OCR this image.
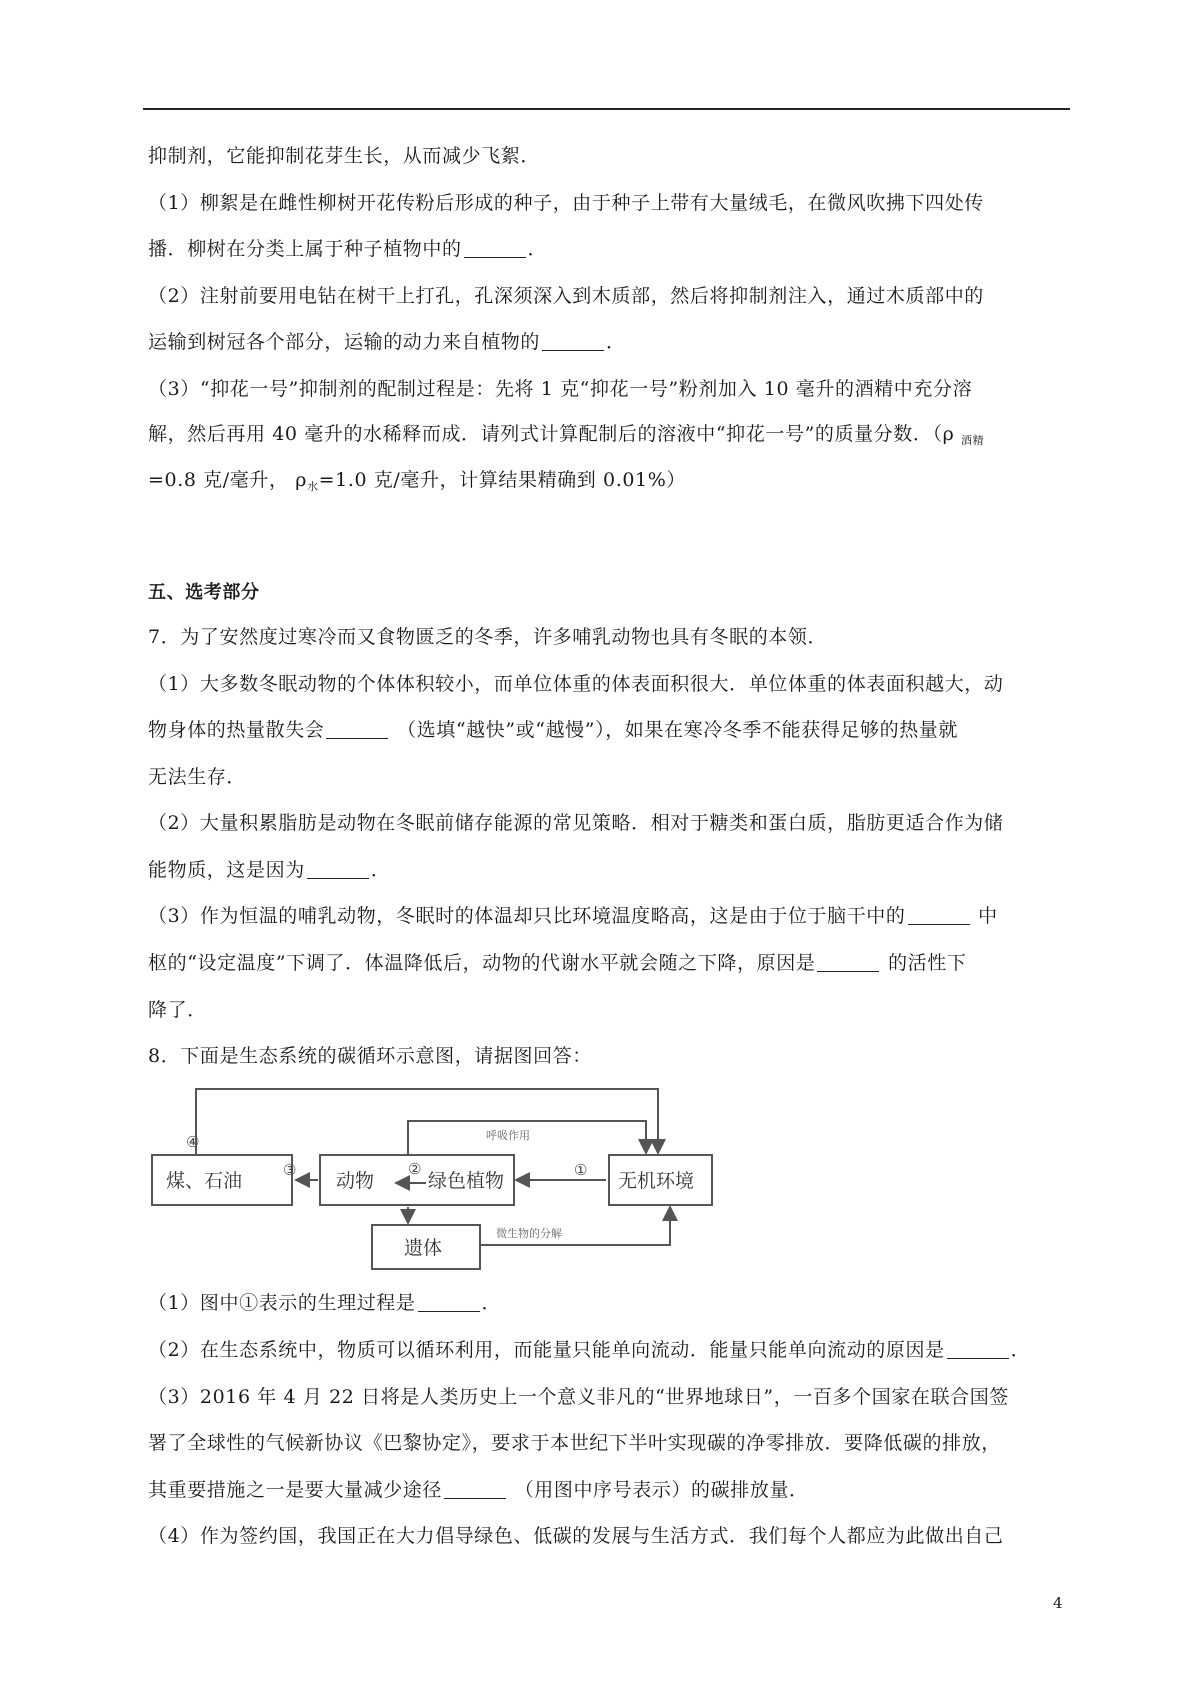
抑制剂，它能抑制花芽生长，从而减少飞絮．
（1）柳絮是在雌性柳树开花传粉后形成的种子，由于种子上带有大量绒毛，在微风吹拂下四处传
播．柳树在分类上属于种子植物中的	．
（2）注射前要用电钻在树干上打孔，孔深须深入到木质部，然后将抑制剂注入，通过木质部中的
运输到树冠各个部分，运输的动力来自植物的	．
（3）“抑花一号”抑制剂的配制过程是：先将 1 克“抑花一号”粉剂加入 10 毫升的酒精中充分溶
解，然后再用 40 毫升的水稀释而成．请列式计算配制后的溶液中“抑花一号”的质量分数．（ρ $_{酒精}$
=0.8 克/毫升， $\rho_水=1.0$ 克/毫升，计算结果精确到 0.01%）
五、选考部分
7．为了安然度过寒冷而又食物匮乏的冬季，许多哺乳动物也具有冬眠的本领．
（1）大多数冬眠动物的个体体积较小，而单位体重的体表面积很大．单位体重的体表面积越大，动
物身体的热量散失会	（选填“越快”或“越慢”），如果在寒冷冬季不能获得足够的热量就
无法生存．
（2）大量积累脂肪是动物在冬眠前储存能源的常见策略．相对于糖类和蛋白质，脂肪更适合作为储
能物质，这是因为	．
（3）作为恒温的哺乳动物，冬眠时的体温却只比环境温度略高，这是由于位于脑干中的	中
枢的“设定温度”下调了．体温降低后，动物的代谢水平就会随之下降，原因是	的活性下
降了．
8．下面是生态系统的碳循环示意图，请据图回答：
煤、石油	动物	绿色植物	无机环境
遗体
呼吸作用
微生物的分解
④
③	②	①
（1）图中①表示的生理过程是	．
（2）在生态系统中，物质可以循环利用，而能量只能单向流动．能量只能单向流动的原因是	．
（3）2016 年 4 月 22 日将是人类历史上一个意义非凡的“世界地球日”，一百多个国家在联合国签
署了全球性的气候新协议《巴黎协定》，要求于本世纪下半叶实现碳的净零排放．要降低碳的排放，
其重要措施之一是要大量减少途径	（用图中序号表示）的碳排放量．
（4）作为签约国，我国正在大力倡导绿色、低碳的发展与生活方式．我们每个人都应为此做出自己
4
